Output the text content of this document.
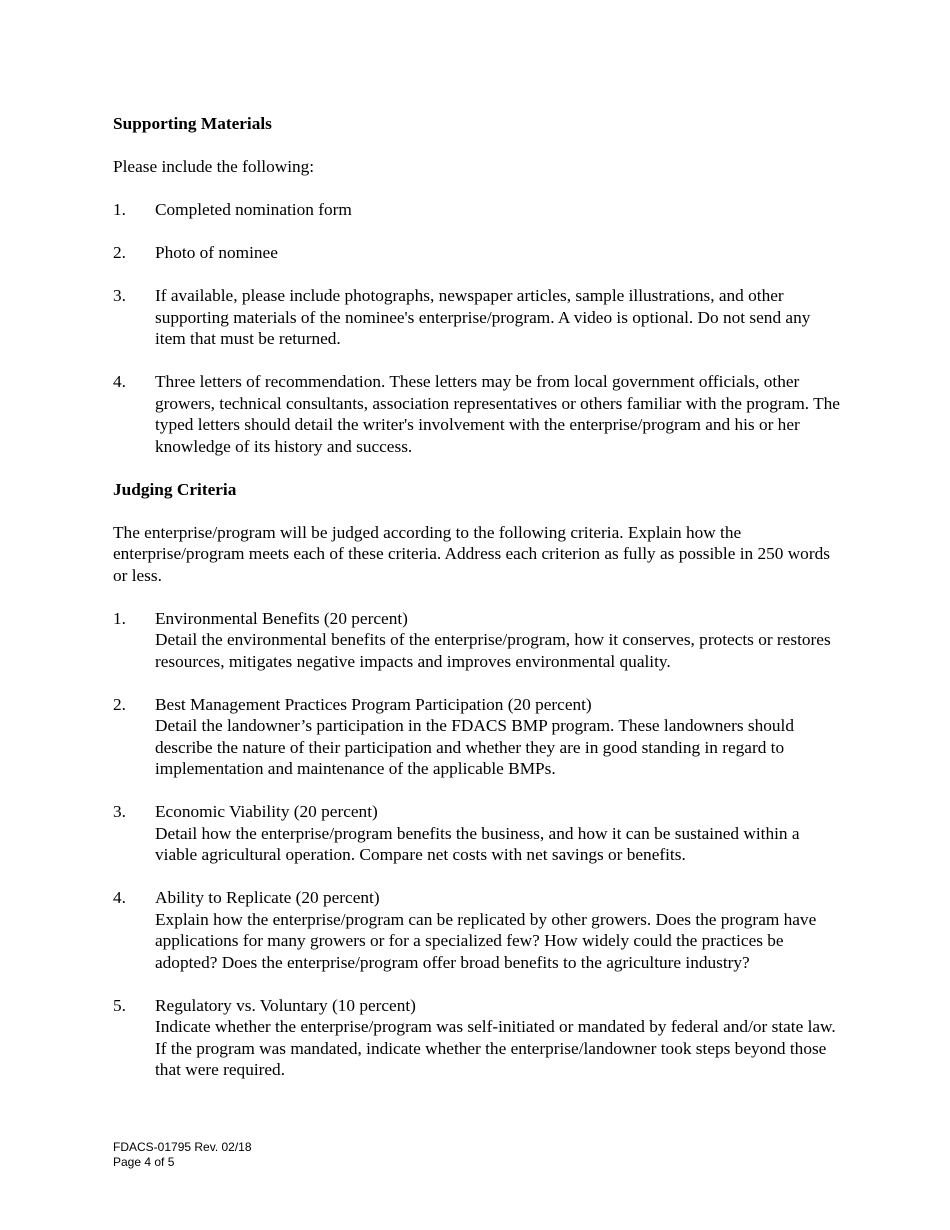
Supporting Materials

Please include the following:

1.	Completed nomination form
2.	Photo of nominee
3.	If available, please include photographs, newspaper articles, sample illustrations, and other supporting materials of the nominee's enterprise/program. A video is optional. Do not send any item that must be returned.
4.	Three letters of recommendation. These letters may be from local government officials, other growers, technical consultants, association representatives or others familiar with the program. The typed letters should detail the writer's involvement with the enterprise/program and his or her knowledge of its history and success.

Judging Criteria

The enterprise/program will be judged according to the following criteria. Explain how the enterprise/program meets each of these criteria. Address each criterion as fully as possible in 250 words or less.

1.	Environmental Benefits (20 percent)
Detail the environmental benefits of the enterprise/program, how it conserves, protects or restores resources, mitigates negative impacts and improves environmental quality.
2.	Best Management Practices Program Participation (20 percent)
Detail the landowner’s participation in the FDACS BMP program. These landowners should describe the nature of their participation and whether they are in good standing in regard to implementation and maintenance of the applicable BMPs.
3.	Economic Viability (20 percent)
Detail how the enterprise/program benefits the business, and how it can be sustained within a viable agricultural operation. Compare net costs with net savings or benefits.
4.	Ability to Replicate (20 percent)
Explain how the enterprise/program can be replicated by other growers. Does the program have applications for many growers or for a specialized few? How widely could the practices be adopted? Does the enterprise/program offer broad benefits to the agriculture industry?
5.	Regulatory vs. Voluntary (10 percent)
Indicate whether the enterprise/program was self-initiated or mandated by federal and/or state law. If the program was mandated, indicate whether the enterprise/landowner took steps beyond those that were required.
FDACS-01795 Rev. 02/18
Page 4 of 5
